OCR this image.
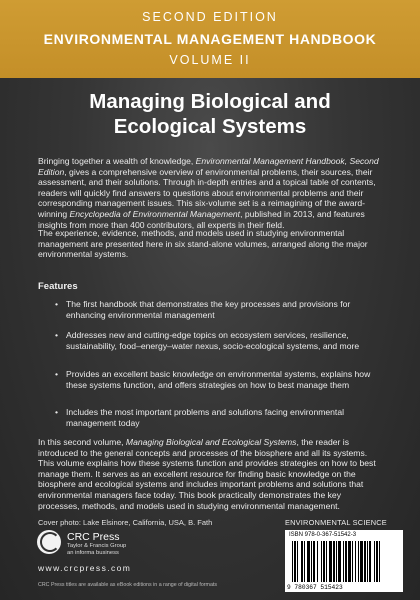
SECOND EDITION
ENVIRONMENTAL MANAGEMENT HANDBOOK
VOLUME II
Managing Biological and
Ecological Systems
Bringing together a wealth of knowledge, Environmental Management Handbook, Second Edition, gives a comprehensive overview of environmental problems, their sources, their assessment, and their solutions. Through in-depth entries and a topical table of contents, readers will quickly find answers to questions about environmental problems and their corresponding management issues. This six-volume set is a reimagining of the award-winning Encyclopedia of Environmental Management, published in 2013, and features insights from more than 400 contributors, all experts in their field.
The experience, evidence, methods, and models used in studying environmental management are presented here in six stand-alone volumes, arranged along the major environmental systems.
Features
• The first handbook that demonstrates the key processes and provisions for enhancing environmental management
• Addresses new and cutting-edge topics on ecosystem services, resilience, sustainability, food–energy–water nexus, socio-ecological systems, and more
• Provides an excellent basic knowledge on environmental systems, explains how these systems function, and offers strategies on how to best manage them
• Includes the most important problems and solutions facing environmental management today
In this second volume, Managing Biological and Ecological Systems, the reader is introduced to the general concepts and processes of the biosphere and all its systems. This volume explains how these systems function and provides strategies on how to best manage them. It serves as an excellent resource for finding basic knowledge on the biosphere and ecological systems and includes important problems and solutions that environmental managers face today. This book practically demonstrates the key processes, methods, and models used in studying environmental management.
Cover photo: Lake Elsinore, California, USA, B. Fath	ENVIRONMENTAL SCIENCE
CRC Press
Taylor & Francis Group
an informa business
www.crcpress.com
CRC Press titles are available as eBook editions in a range of digital formats
ISBN 978-0-367-51542-3
9 780367 515423
